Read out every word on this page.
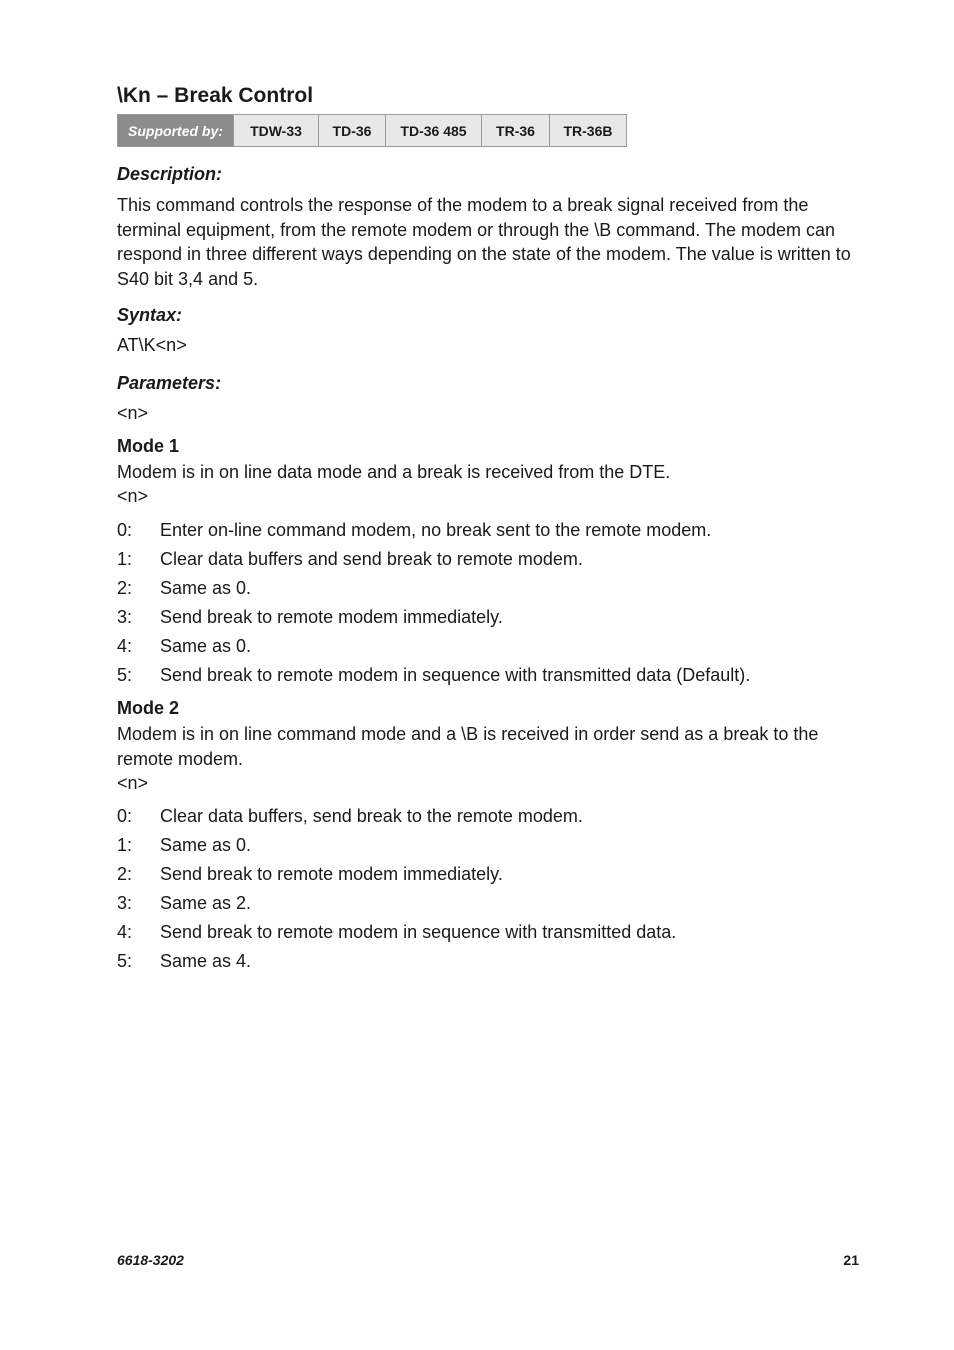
\Kn – Break Control
Supported by:	TDW-33	TD-36	TD-36 485	TR-36	TR-36B
Description:

This command controls the response of the modem to a break signal received from the terminal equipment, from the remote modem or through the \B command. The modem can respond in three different ways depending on the state of the modem. The value is written to S40 bit 3,4 and 5.

Syntax:

AT\K<n>

Parameters:

<n>

Mode 1

Modem is in on line data mode and a break is received from the DTE.

<n>

0:	Enter on-line command modem, no break sent to the remote modem.
1:	Clear data buffers and send break to remote modem.
2:	Same as 0.
3:	Send break to remote modem immediately.
4:	Same as 0.
5:	Send break to remote modem in sequence with transmitted data (Default).
Mode 2

Modem is in on line command mode and a \B is received in order send as a break to the remote modem.

<n>

0:	Clear data buffers, send break to the remote modem.
1:	Same as 0.
2:	Send break to remote modem immediately.
3:	Same as 2.
4:	Send break to remote modem in sequence with transmitted data.
5:	Same as 4.
6618-3202	21
